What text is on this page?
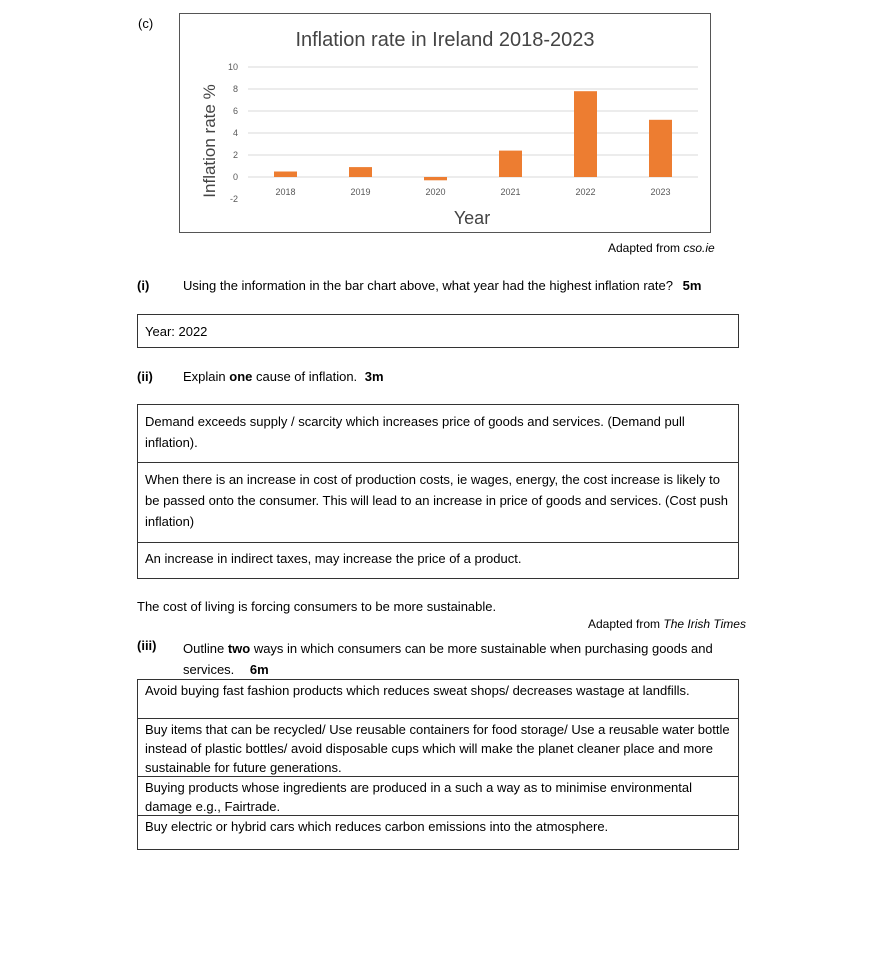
(c)
Inflation rate in Ireland 2018-2023
Inflation rate %
Year
-2
0
2
4
6
8
10
2018	2019	2020	2021	2022	2023
Adapted from cso.ie
(i)	Using the information in the bar chart above, what year had the highest inflation rate? 5m
Year: 2022
(ii) Explain one cause of inflation. 3m
Demand exceeds supply / scarcity which increases price of goods and services. (Demand pull inflation).
When there is an increase in cost of production costs, ie wages, energy, the cost increase is likely to be passed onto the consumer. This will lead to an increase in price of goods and services. (Cost push inflation)
An increase in indirect taxes, may increase the price of a product.
The cost of living is forcing consumers to be more sustainable.
Adapted from The Irish Times
(iii) Outline two ways in which consumers can be more sustainable when purchasing goods and services. 6m
Avoid buying fast fashion products which reduces sweat shops/ decreases wastage at landfills.
Buy items that can be recycled/ Use reusable containers for food storage/ Use a reusable water bottle instead of plastic bottles/ avoid disposable cups which will make the planet cleaner place and more sustainable for future generations.
Buying products whose ingredients are produced in a such a way as to minimise environmental damage e.g., Fairtrade.
Buy electric or hybrid cars which reduces carbon emissions into the atmosphere.
